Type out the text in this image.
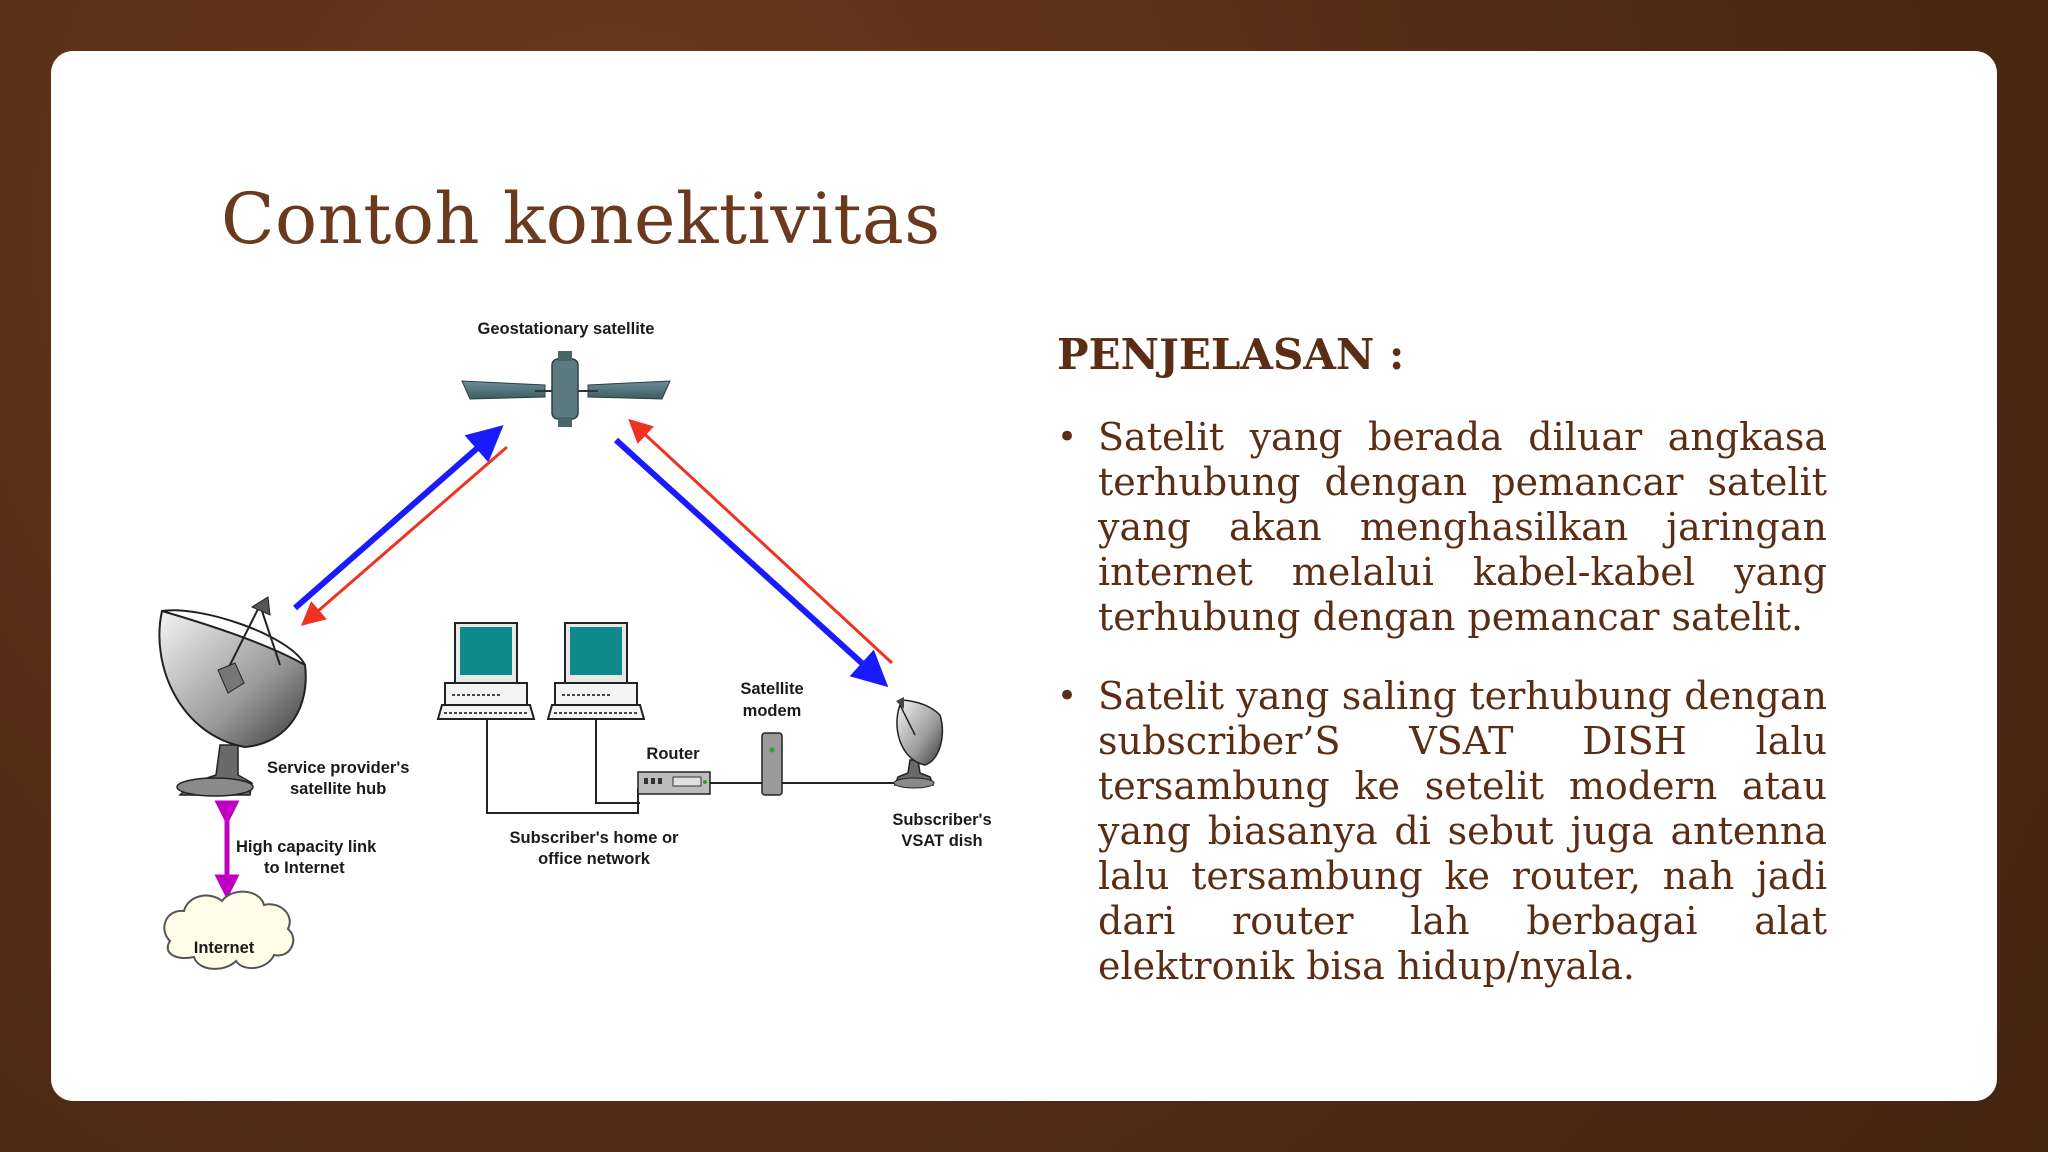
Contoh konektivitas
Geostationary satellite
Service provider's
satellite hub
High capacity link
to Internet
Internet
Router
Satellite
modem
Subscriber's
VSAT dish
Subscriber's home or
office network
PENJELASAN :
• Satelit yang berada diluar angkasa terhubung dengan pemancar satelit yang akan menghasilkan jaringan internet melalui kabel-kabel yang terhubung dengan pemancar satelit.
• Satelit yang saling terhubung dengan subscriber’S VSAT DISH lalu tersambung ke setelit modern atau yang biasanya di sebut juga antenna lalu tersambung ke router, nah jadi dari router lah berbagai alat elektronik bisa hidup/nyala.
